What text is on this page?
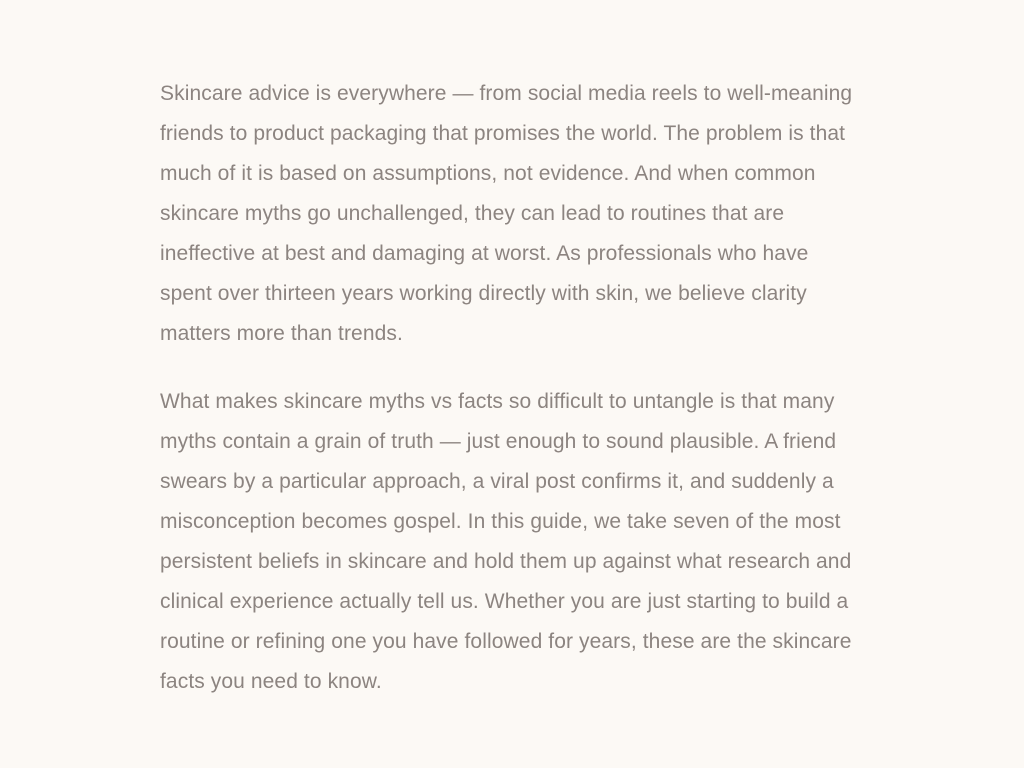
Skincare advice is everywhere — from social media reels to well-meaning friends to product packaging that promises the world. The problem is that much of it is based on assumptions, not evidence. And when common skincare myths go unchallenged, they can lead to routines that are ineffective at best and damaging at worst. As professionals who have spent over thirteen years working directly with skin, we believe clarity matters more than trends.

What makes skincare myths vs facts so difficult to untangle is that many myths contain a grain of truth — just enough to sound plausible. A friend swears by a particular approach, a viral post confirms it, and suddenly a misconception becomes gospel. In this guide, we take seven of the most persistent beliefs in skincare and hold them up against what research and clinical experience actually tell us. Whether you are just starting to build a routine or refining one you have followed for years, these are the skincare facts you need to know.
